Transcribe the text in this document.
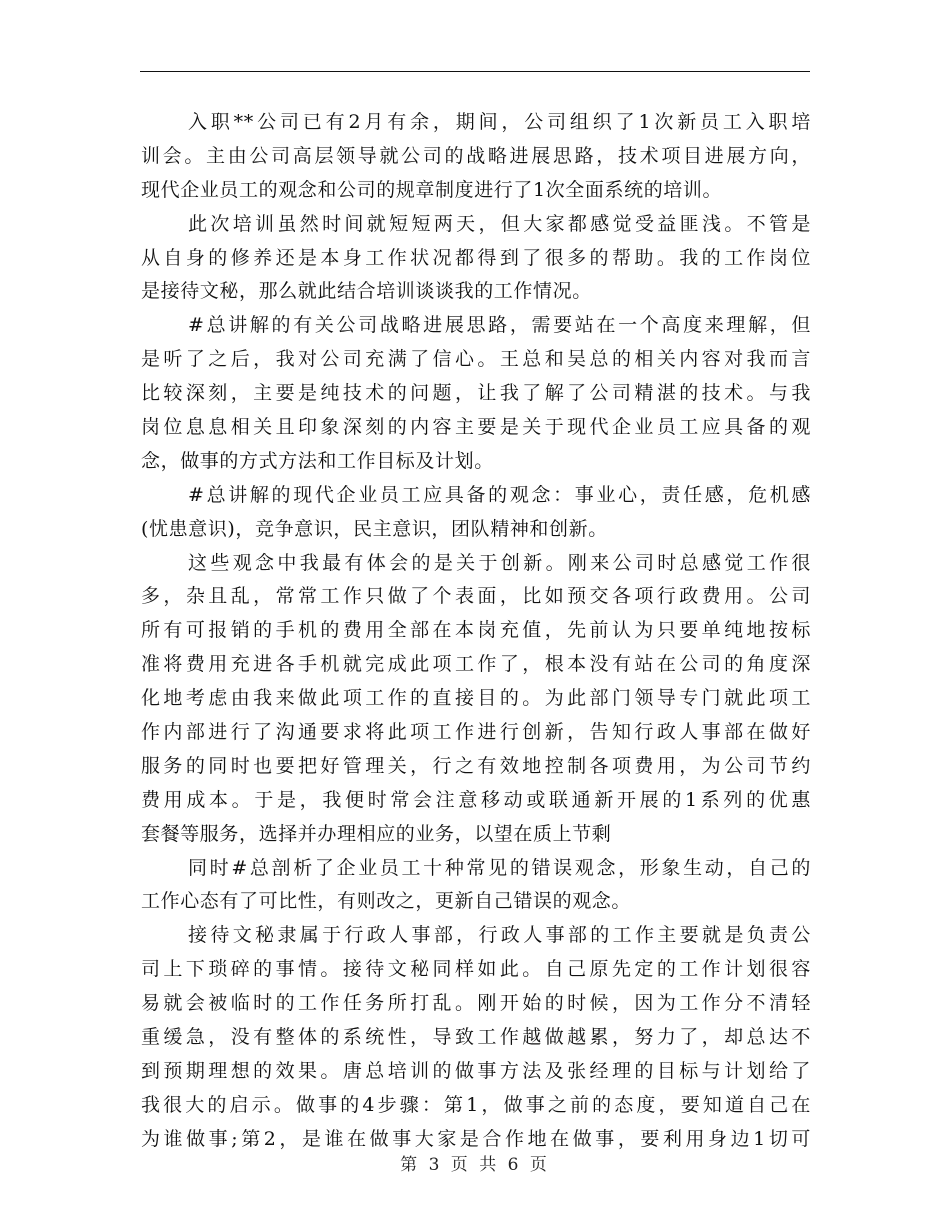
入职**公司已有2月有余，期间，公司组织了1次新员工入职培
训会。主由公司高层领导就公司的战略进展思路，技术项目进展方向，
现代企业员工的观念和公司的规章制度进行了1次全面系统的培训。
此次培训虽然时间就短短两天，但大家都感觉受益匪浅。不管是
从自身的修养还是本身工作状况都得到了很多的帮助。我的工作岗位
是接待文秘，那么就此结合培训谈谈我的工作情况。
#总讲解的有关公司战略进展思路，需要站在一个高度来理解，但
是听了之后，我对公司充满了信心。王总和吴总的相关内容对我而言
比较深刻，主要是纯技术的问题，让我了解了公司精湛的技术。与我
岗位息息相关且印象深刻的内容主要是关于现代企业员工应具备的观
念，做事的方式方法和工作目标及计划。
#总讲解的现代企业员工应具备的观念：事业心，责任感，危机感
(忧患意识)，竞争意识，民主意识，团队精神和创新。
这些观念中我最有体会的是关于创新。刚来公司时总感觉工作很
多，杂且乱，常常工作只做了个表面，比如预交各项行政费用。公司
所有可报销的手机的费用全部在本岗充值，先前认为只要单纯地按标
准将费用充进各手机就完成此项工作了，根本没有站在公司的角度深
化地考虑由我来做此项工作的直接目的。为此部门领导专门就此项工
作内部进行了沟通要求将此项工作进行创新，告知行政人事部在做好
服务的同时也要把好管理关，行之有效地控制各项费用，为公司节约
费用成本。于是，我便时常会注意移动或联通新开展的1系列的优惠
套餐等服务，选择并办理相应的业务，以望在质上节剩
同时#总剖析了企业员工十种常见的错误观念，形象生动，自己的
工作心态有了可比性，有则改之，更新自己错误的观念。
接待文秘隶属于行政人事部，行政人事部的工作主要就是负责公
司上下琐碎的事情。接待文秘同样如此。自己原先定的工作计划很容
易就会被临时的工作任务所打乱。刚开始的时候，因为工作分不清轻
重缓急，没有整体的系统性，导致工作越做越累，努力了，却总达不
到预期理想的效果。唐总培训的做事方法及张经理的目标与计划给了
我很大的启示。做事的4步骤：第1，做事之前的态度，要知道自己在
为谁做事;第2，是谁在做事大家是合作地在做事，要利用身边1切可
第 3 页 共 6 页
